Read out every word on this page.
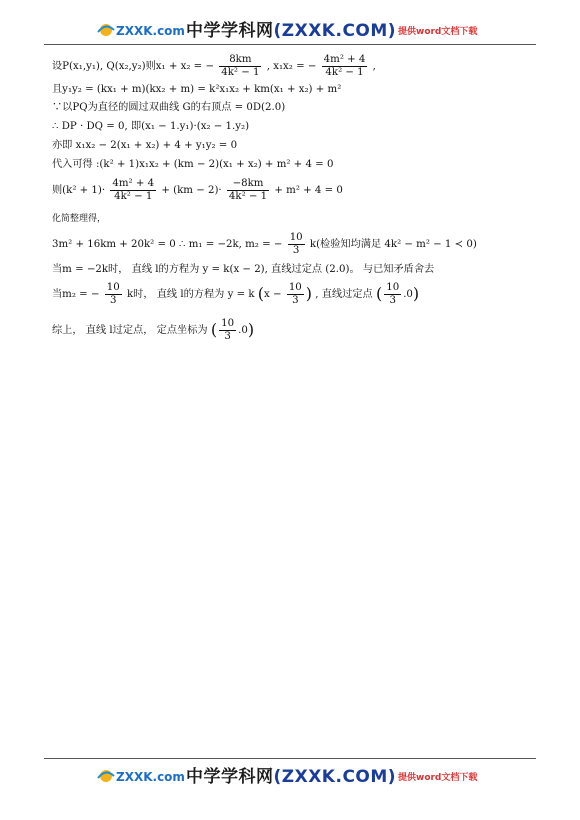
ZXXK.com 中学学科网(ZXXK.COM) 提供word文档下载
设P(x₁,y₁), Q(x₂,y₂)则x₁ + x₂ = − $\frac{8km}{\text{4k² − 1}}$ , x₁x₂ = − $\frac{\text{4m² + 4}}{\text{4k² − 1}}$ ,
且y₁y₂ = (kx₁ + m)(kx₂ + m) = k²x₁x₂ + km(x₁ + x₂) + m²
∵以PQ为直径的圆过双曲线 G的右顶点 = 0D(2.0)
∴ DP · DQ = 0, 即(x₁ − 1.y₁)·(x₂ − 1.y₂)
亦即 x₁x₂ − 2(x₁ + x₂) + 4 + y₁y₂ = 0
代入可得 :(k² + 1)x₁x₂ + (km − 2)(x₁ + x₂) + m² + 4 = 0
则$(k^2 + 1)\cdot \frac{\text{4m² + 4}}{\text{4k² − 1}} + (km - 2)\cdot \frac{-8km}{\text{4k² − 1}} + m^2 + 4 = 0$
化简整理得，
3m² + 16km + 20k² = 0 ∴ m₁ = −2k, m₂ = − $\frac{10}{3} k$(检验知均满足 4k² − m² − 1 ≺ 0)
当m = −2k时， 直线 l的方程为 y = k(x − 2), 直线过定点 (2.0)。 与已知矛盾舍去
当m₂ = − $\frac{10}{3}$ k时， 直线 l的方程为 y = k ($x - \frac{10}{3}$ ) , 直线过定点 ( $\frac{10}{3} .0$)
综上， 直线 l过定点， 定点坐标为 ( $\frac{10}{3} .0$)
ZXXK.com 中学学科网(ZXXK.COM) 提供word文档下载
